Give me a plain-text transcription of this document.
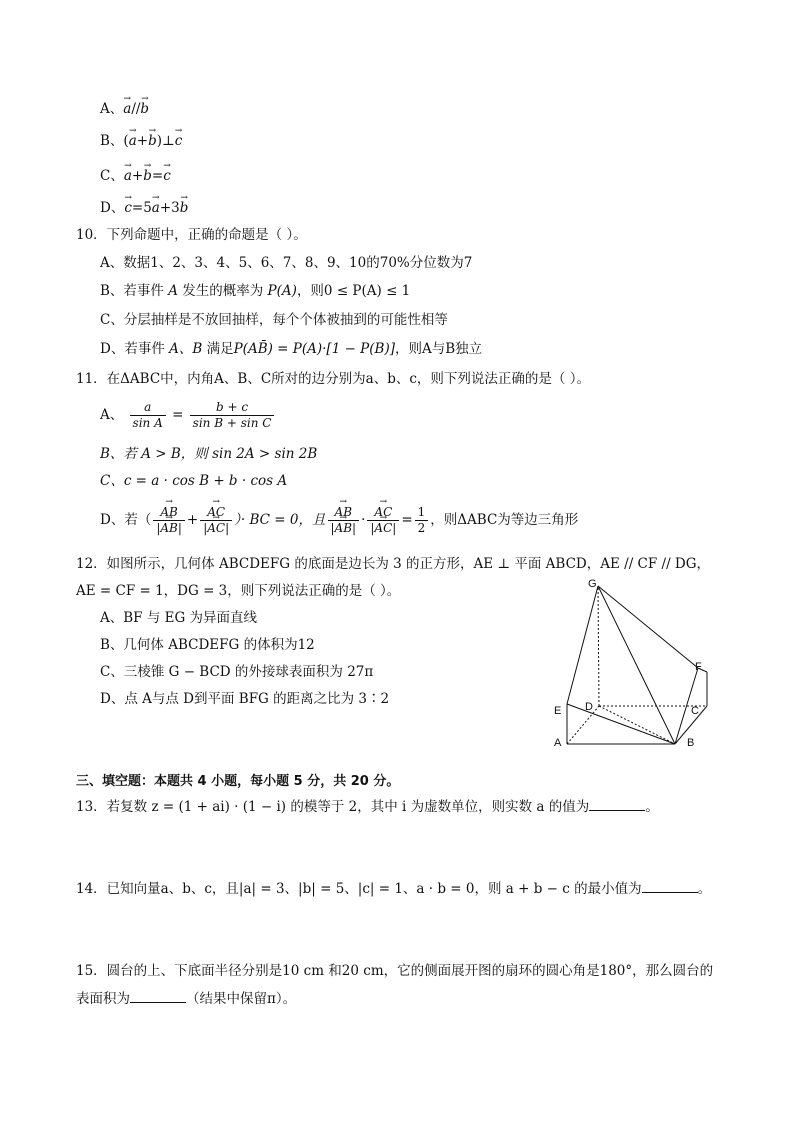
A、→ a//→ b
B、(→ a+→ b)⊥→ c
C、→ a+→ b=→ c
D、→ c=5→ a+3→ b
10．下列命题中，正确的命题是（ ）。
A、数据1、2、3、4、5、6、7、8、9、10的70%分位数为7
B、若事件 A 发生的概率为 P(A)，则0 ≤ P(A) ≤ 1
C、分层抽样是不放回抽样，每个个体被抽到的可能性相等
D、若事件 A、B 满足P(AB̄) = P(A)·[1 − P(B)]，则A与B独立
11．在ΔABC中，内角A、B、C所对的边分别为a、b、c，则下列说法正确的是（ ）。
A、 $\frac{a}{\text{sin A}} = \frac{b + c}{\text{sin B + sin C}}$
B、若 A > B，则 sin 2A > sin 2B
C、c = a · cos B + b · cos A
D、若（ → $\frac{AB}{|\to AB|}$ + → $\frac{AC}{|\to AC|}$ ）· BC = 0，且 → $\frac{AB}{|\to AB|}$ · → $\frac{AC}{|\to AC|} = \frac{1}{2}$ ，则ΔABC为等边三角形
12．如图所示，几何体 ABCDEFG 的底面是边长为 3 的正方形，AE ⊥ 平面 ABCD，AE // CF // DG，
AE = CF = 1，DG = 3，则下列说法正确的是（ ）。
A、BF 与 EG 为异面直线
B、几何体 ABCDEFG 的体积为12
C、三棱锥 G − BCD 的外接球表面积为 27π
D、点 A与点 D到平面 BFG 的距离之比为 3∶2
G
F
D
E	C
A	B
三、填空题：本题共 4 小题，每小题 5 分，共 20 分。
13．若复数 z = (1 + ai) · (1 − i) 的模等于 2，其中 i 为虚数单位，则实数 a 的值为	。
14．已知向量a、b、c，且|a| = 3、|b| = 5、|c| = 1、a · b = 0，则 a + b − c 的最小值为	。
15．圆台的上、下底面半径分别是10 cm 和20 cm，它的侧面展开图的扇环的圆心角是180°，那么圆台的
表面积为	（结果中保留π）。
